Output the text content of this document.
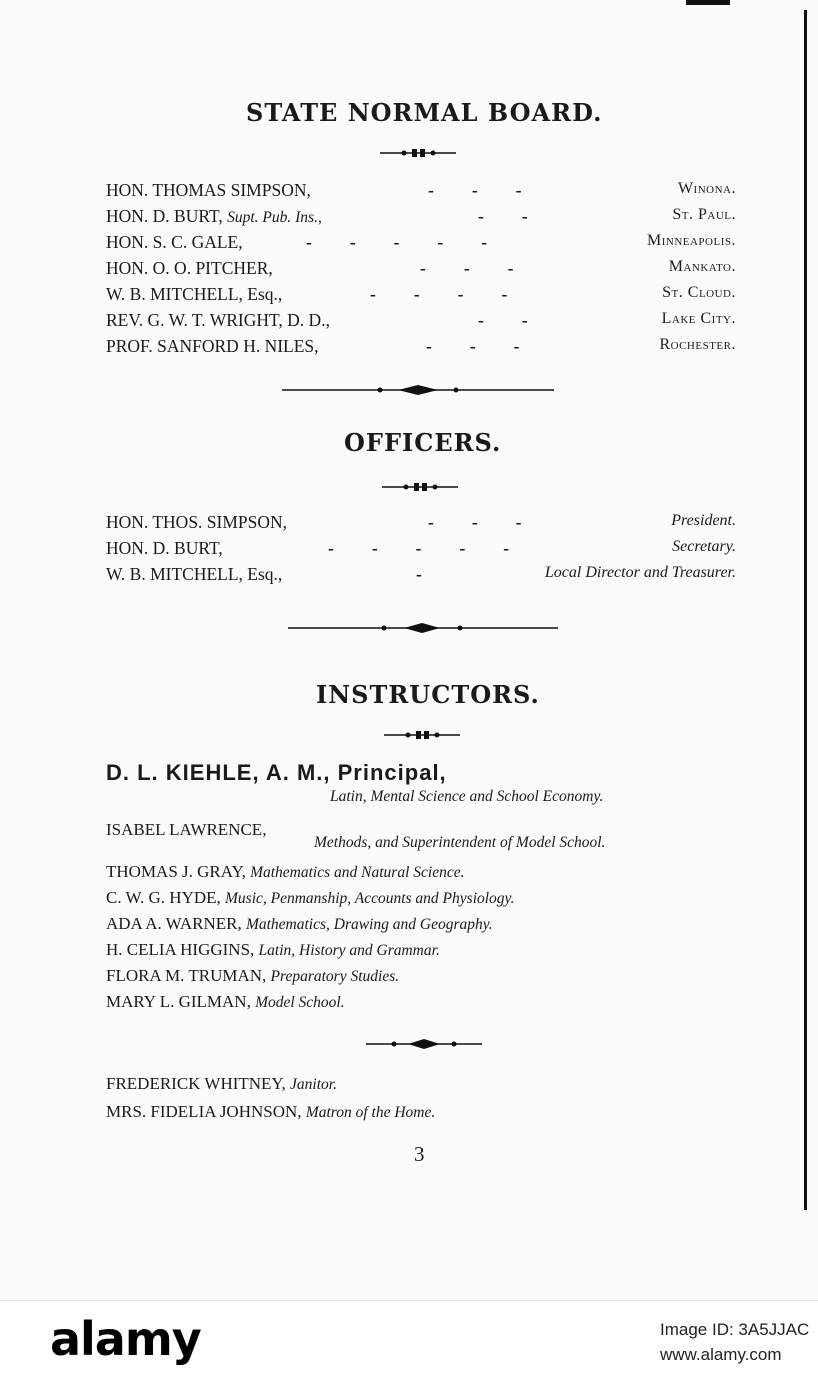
STATE NORMAL BOARD.
HON. THOMAS SIMPSON,	---	Winona.
HON. D. BURT, Supt. Pub. Ins.,	--	St. Paul.
HON. S. C. GALE,	-----	Minneapolis.
HON. O. O. PITCHER,	---	Mankato.
W. B. MITCHELL, Esq.,	----	St. Cloud.
REV. G. W. T. WRIGHT, D. D.,	--	Lake City.
PROF. SANFORD H. NILES,	---	Rochester.
OFFICERS.
HON. THOS. SIMPSON,	---	President.
HON. D. BURT,	-----	Secretary.
W. B. MITCHELL, Esq.,	-	Local Director and Treasurer.
INSTRUCTORS.
D. L. KIEHLE, A. M., Principal,
Latin, Mental Science and School Economy.
ISABEL LAWRENCE,
Methods, and Superintendent of Model School.
THOMAS J. GRAY, Mathematics and Natural Science.
C. W. G. HYDE, Music, Penmanship, Accounts and Physiology.
ADA A. WARNER, Mathematics, Drawing and Geography.
H. CELIA HIGGINS, Latin, History and Grammar.
FLORA M. TRUMAN, Preparatory Studies.
MARY L. GILMAN, Model School.
FREDERICK WHITNEY, Janitor.
MRS. FIDELIA JOHNSON, Matron of the Home.
3
alamy	Image ID: 3A5JJAC
www.alamy.com
